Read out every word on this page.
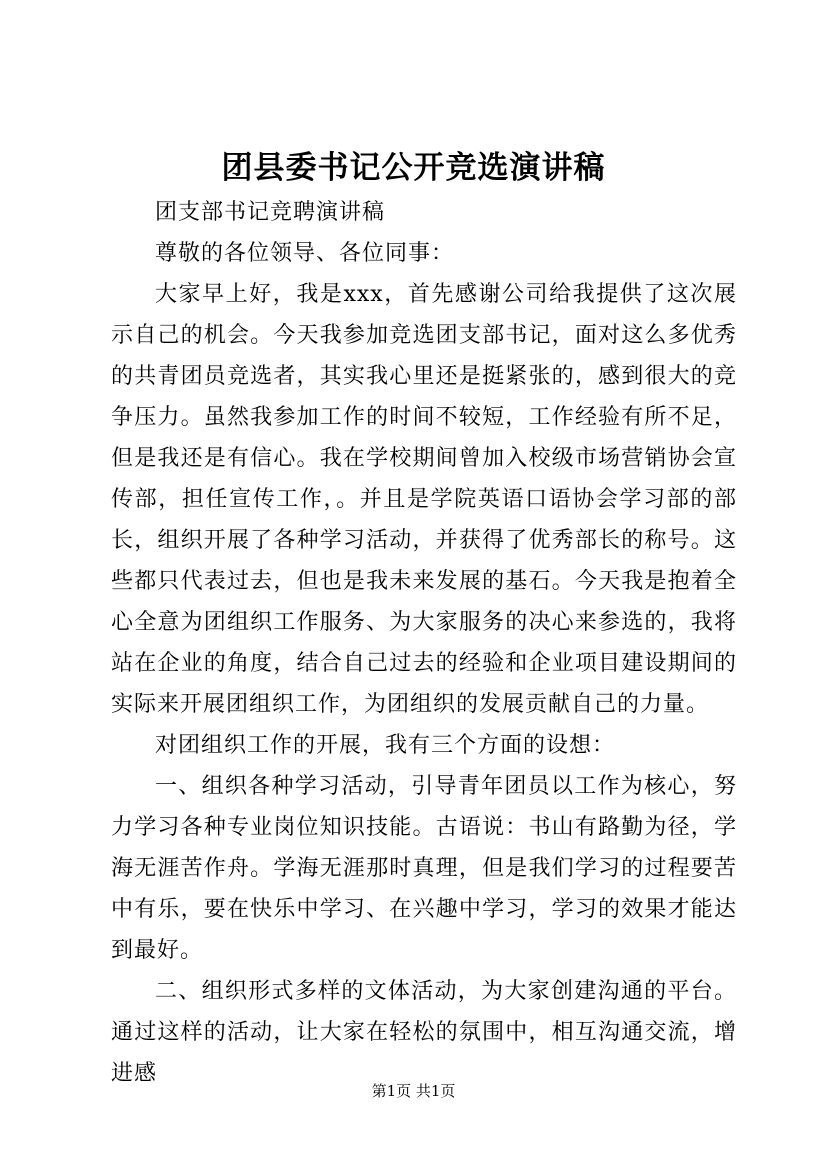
团县委书记公开竞选演讲稿

团支部书记竞聘演讲稿

尊敬的各位领导、各位同事：

大家早上好，我是xxx，首先感谢公司给我提供了这次展示自己的机会。今天我参加竞选团支部书记，面对这么多优秀的共青团员竞选者，其实我心里还是挺紧张的，感到很大的竞争压力。虽然我参加工作的时间不较短，工作经验有所不足，但是我还是有信心。我在学校期间曾加入校级市场营销协会宣传部，担任宣传工作，。并且是学院英语口语协会学习部的部长，组织开展了各种学习活动，并获得了优秀部长的称号。这些都只代表过去，但也是我未来发展的基石。今天我是抱着全心全意为团组织工作服务、为大家服务的决心来参选的，我将站在企业的角度，结合自己过去的经验和企业项目建设期间的实际来开展团组织工作，为团组织的发展贡献自己的力量。

对团组织工作的开展，我有三个方面的设想：

一、组织各种学习活动，引导青年团员以工作为核心，努力学习各种专业岗位知识技能。古语说：书山有路勤为径，学海无涯苦作舟。学海无涯那时真理，但是我们学习的过程要苦中有乐，要在快乐中学习、在兴趣中学习，学习的效果才能达到最好。

二、组织形式多样的文体活动，为大家创建沟通的平台。通过这样的活动，让大家在轻松的氛围中，相互沟通交流，增进感

第1页 共1页
